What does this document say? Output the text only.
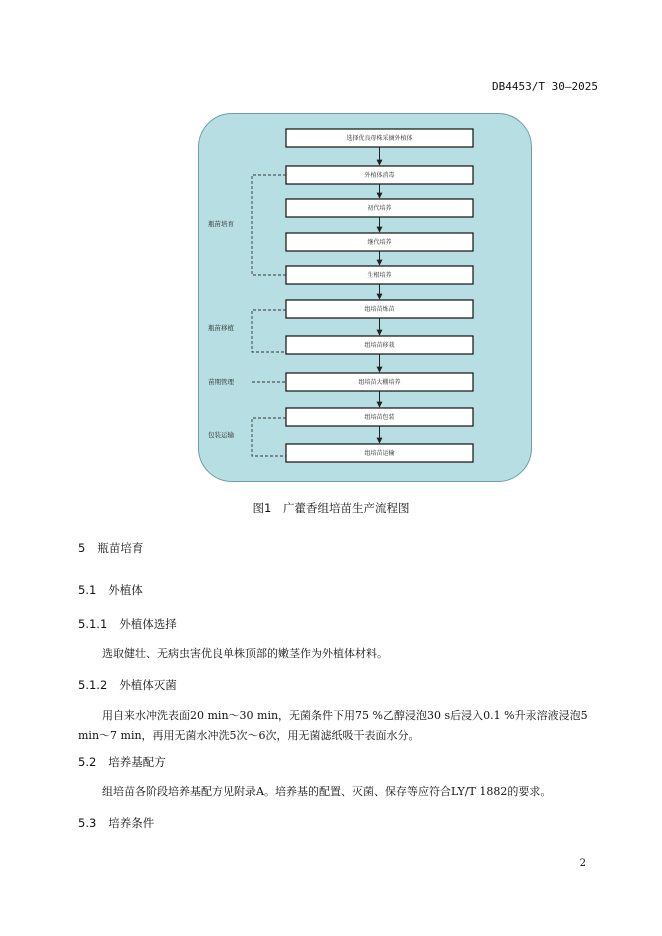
DB4453/T 30—2025
选择优良母株采摘外植体
外植体消毒
初代培养
继代培养
生根培养
组培苗炼苗
组培苗移栽
组培苗大棚培养
组培苗包装
组培苗运输
瓶苗培育
瓶苗移植
苗期管理
包装运输
图1 广藿香组培苗生产流程图
5 瓶苗培育
5.1 外植体
5.1.1 外植体选择
选取健壮、无病虫害优良单株顶部的嫩茎作为外植体材料。
5.1.2 外植体灭菌
用自来水冲洗表面20 min～30 min，无菌条件下用75 %乙醇浸泡30 s后浸入0.1 %升汞溶液浸泡5 min～7 min，再用无菌水冲洗5次～6次，用无菌滤纸吸干表面水分。
5.2 培养基配方
组培苗各阶段培养基配方见附录A。培养基的配置、灭菌、保存等应符合LY/T 1882的要求。
5.3 培养条件
2
